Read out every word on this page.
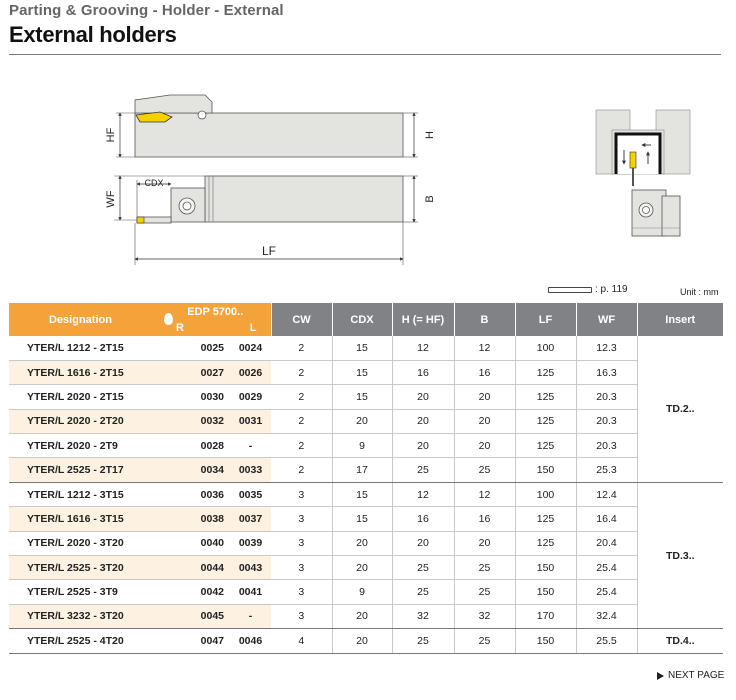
Parting & Grooving - Holder - External
External holders
HF	H
CDX
WF	B
LF
: p. 119	Unit : mm
Designation	EDP 5700..
R L		CW	CDX	H (= HF)	B	LF	WF	Insert
YTER/L 1212 - 2T15	0025	0024	2	15	12	12	100	12.3	TD.2..
YTER/L 1616 - 2T15	0027	0026	2	15	16	16	125	16.3	
YTER/L 2020 - 2T15	0030	0029	2	15	20	20	125	20.3	
YTER/L 2020 - 2T20	0032	0031	2	20	20	20	125	20.3	
YTER/L 2020 - 2T9	0028	-	2	9	20	20	125	20.3	
YTER/L 2525 - 2T17	0034	0033	2	17	25	25	150	25.3	
YTER/L 1212 - 3T15	0036	0035	3	15	12	12	100	12.4	TD.3..
YTER/L 1616 - 3T15	0038	0037	3	15	16	16	125	16.4	
YTER/L 2020 - 3T20	0040	0039	3	20	20	20	125	20.4	
YTER/L 2525 - 3T20	0044	0043	3	20	25	25	150	25.4	
YTER/L 2525 - 3T9	0042	0041	3	9	25	25	150	25.4	
YTER/L 3232 - 3T20	0045	-	3	20	32	32	170	32.4	
YTER/L 2525 - 4T20	0047	0046	4	20	25	25	150	25.5	TD.4..
NEXT PAGE
